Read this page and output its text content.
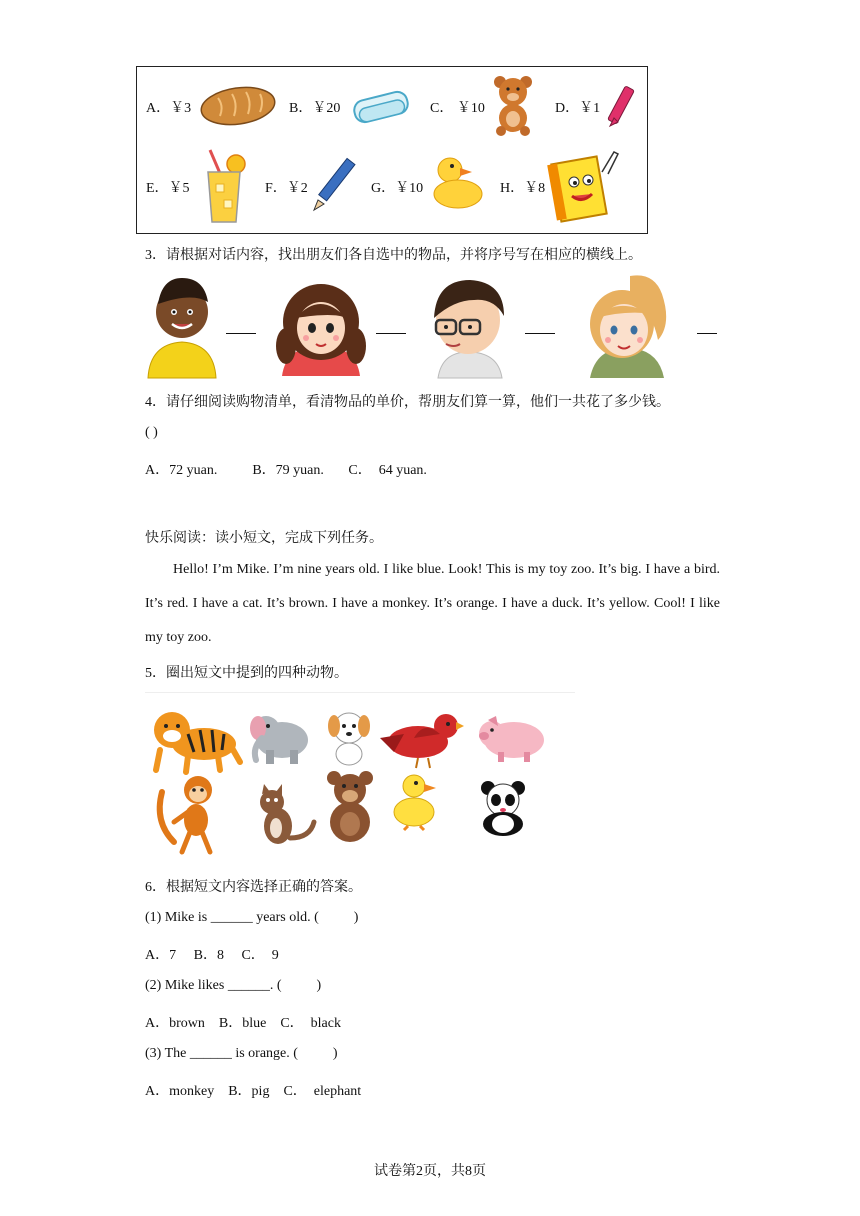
A．￥3	B．￥20	C． ￥10	D．￥1
E．￥5	F．￥2	G．￥10	H．￥8
3．请根据对话内容，找出朋友们各自选中的物品，并将序号写在相应的横线上。
4．请仔细阅读购物清单，看清物品的单价，帮朋友们算一算，他们一共花了多少钱。
( )
A．72 yuan.          B．79 yuan.       C．  64 yuan.
快乐阅读：读小短文，完成下列任务。
Hello! I’m Mike. I’m nine years old. I like blue. Look! This is my toy zoo. It’s big. I have a bird. It’s red. I have a cat. It’s brown. I have a monkey. It’s orange. I have a duck. It’s yellow. Cool! I like my toy zoo.
5．圈出短文中提到的四种动物。
6．根据短文内容选择正确的答案。
(1) Mike is ______ years old. (          )
A．7     B．8     C．  9
(2) Mike likes ______. (          )
A．brown    B．blue    C．  black
(3) The ______ is orange. (          )
A．monkey    B．pig    C．  elephant
试卷第2页，共8页
